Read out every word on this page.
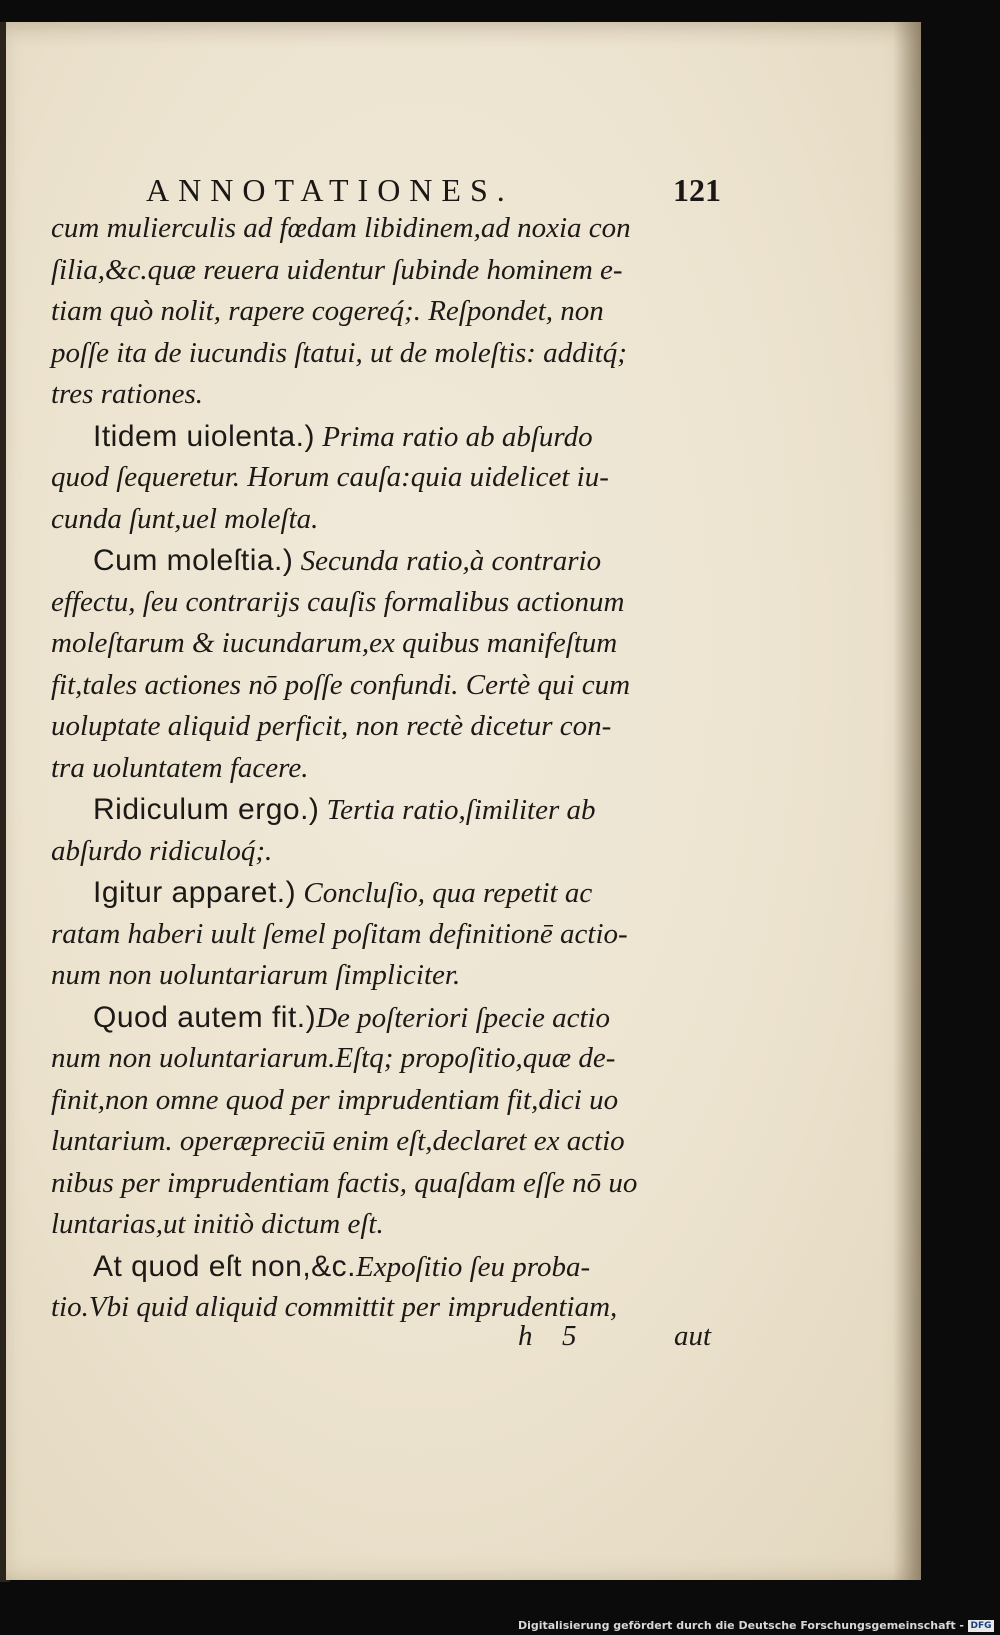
ANNOTATIONES.	121
cum mulierculis ad fœdam libidinem,ad noxia con
ſilia,&c.quæ reuera uidentur ſubinde hominem e-
tiam quò nolit, rapere cogereq́;. Reſpondet, non
poſſe ita de iucundis ſtatui, ut de moleſtis: additq́;
tres rationes.
Itidem uiolenta.) Prima ratio ab abſurdo
quod ſequeretur. Horum cauſa:quia uidelicet iu-
cunda ſunt,uel moleſta.
Cum moleſtia.) Secunda ratio,à contrario
effectu, ſeu contrarijs cauſis formalibus actionum
moleſtarum & iucundarum,ex quibus manifeſtum
fit,tales actiones nō poſſe confundi. Certè qui cum
uoluptate aliquid perficit, non rectè dicetur con-
tra uoluntatem facere.
Ridiculum ergo.) Tertia ratio,ſimiliter ab
abſurdo ridiculoq́;.
Igitur apparet.) Concluſio, qua repetit ac
ratam haberi uult ſemel poſitam definitionē actio-
num non uoluntariarum ſimpliciter.
Quod autem fit.)De poſteriori ſpecie actio
num non uoluntariarum.Eſtq; propoſitio,quæ de-
finit,non omne quod per imprudentiam fit,dici uo
luntarium. operæpreciū enim eſt,declaret ex actio
nibus per imprudentiam factis, quaſdam eſſe nō uo
luntarias,ut initiò dictum eſt.
At quod eſt non,&c.Expoſitio ſeu proba-
tio.Vbi quid aliquid committit per imprudentiam,
h 5	aut
Digitalisierung gefördert durch die Deutsche Forschungsgemeinschaft - DFG
